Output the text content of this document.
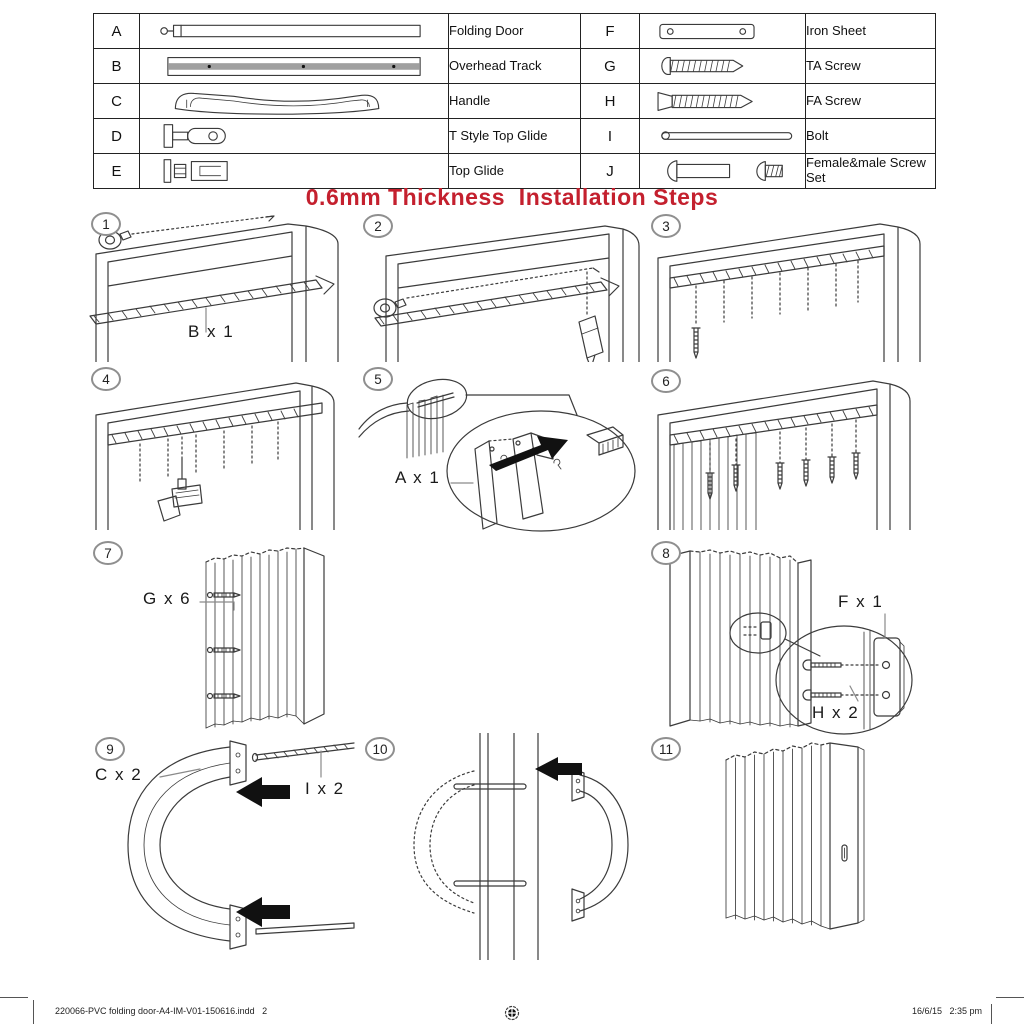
A		Folding Door	F		Iron Sheet
B		Overhead Track	G		TA Screw
C		Handle	H		FA Screw
D		T Style Top Glide	I		Bolt
E		Top Glide	J		Female&male Screw Set
0.6mm Thickness  Installation Steps
1
B x 1
2	3
4	5
A x 1
6
7
G x 6
8
F x 1
H x 2
9
C x 2
I x 2
10	11
220066-PVC folding door-A4-IM-V01-150616.indd   2	16/6/15   2:35 pm
